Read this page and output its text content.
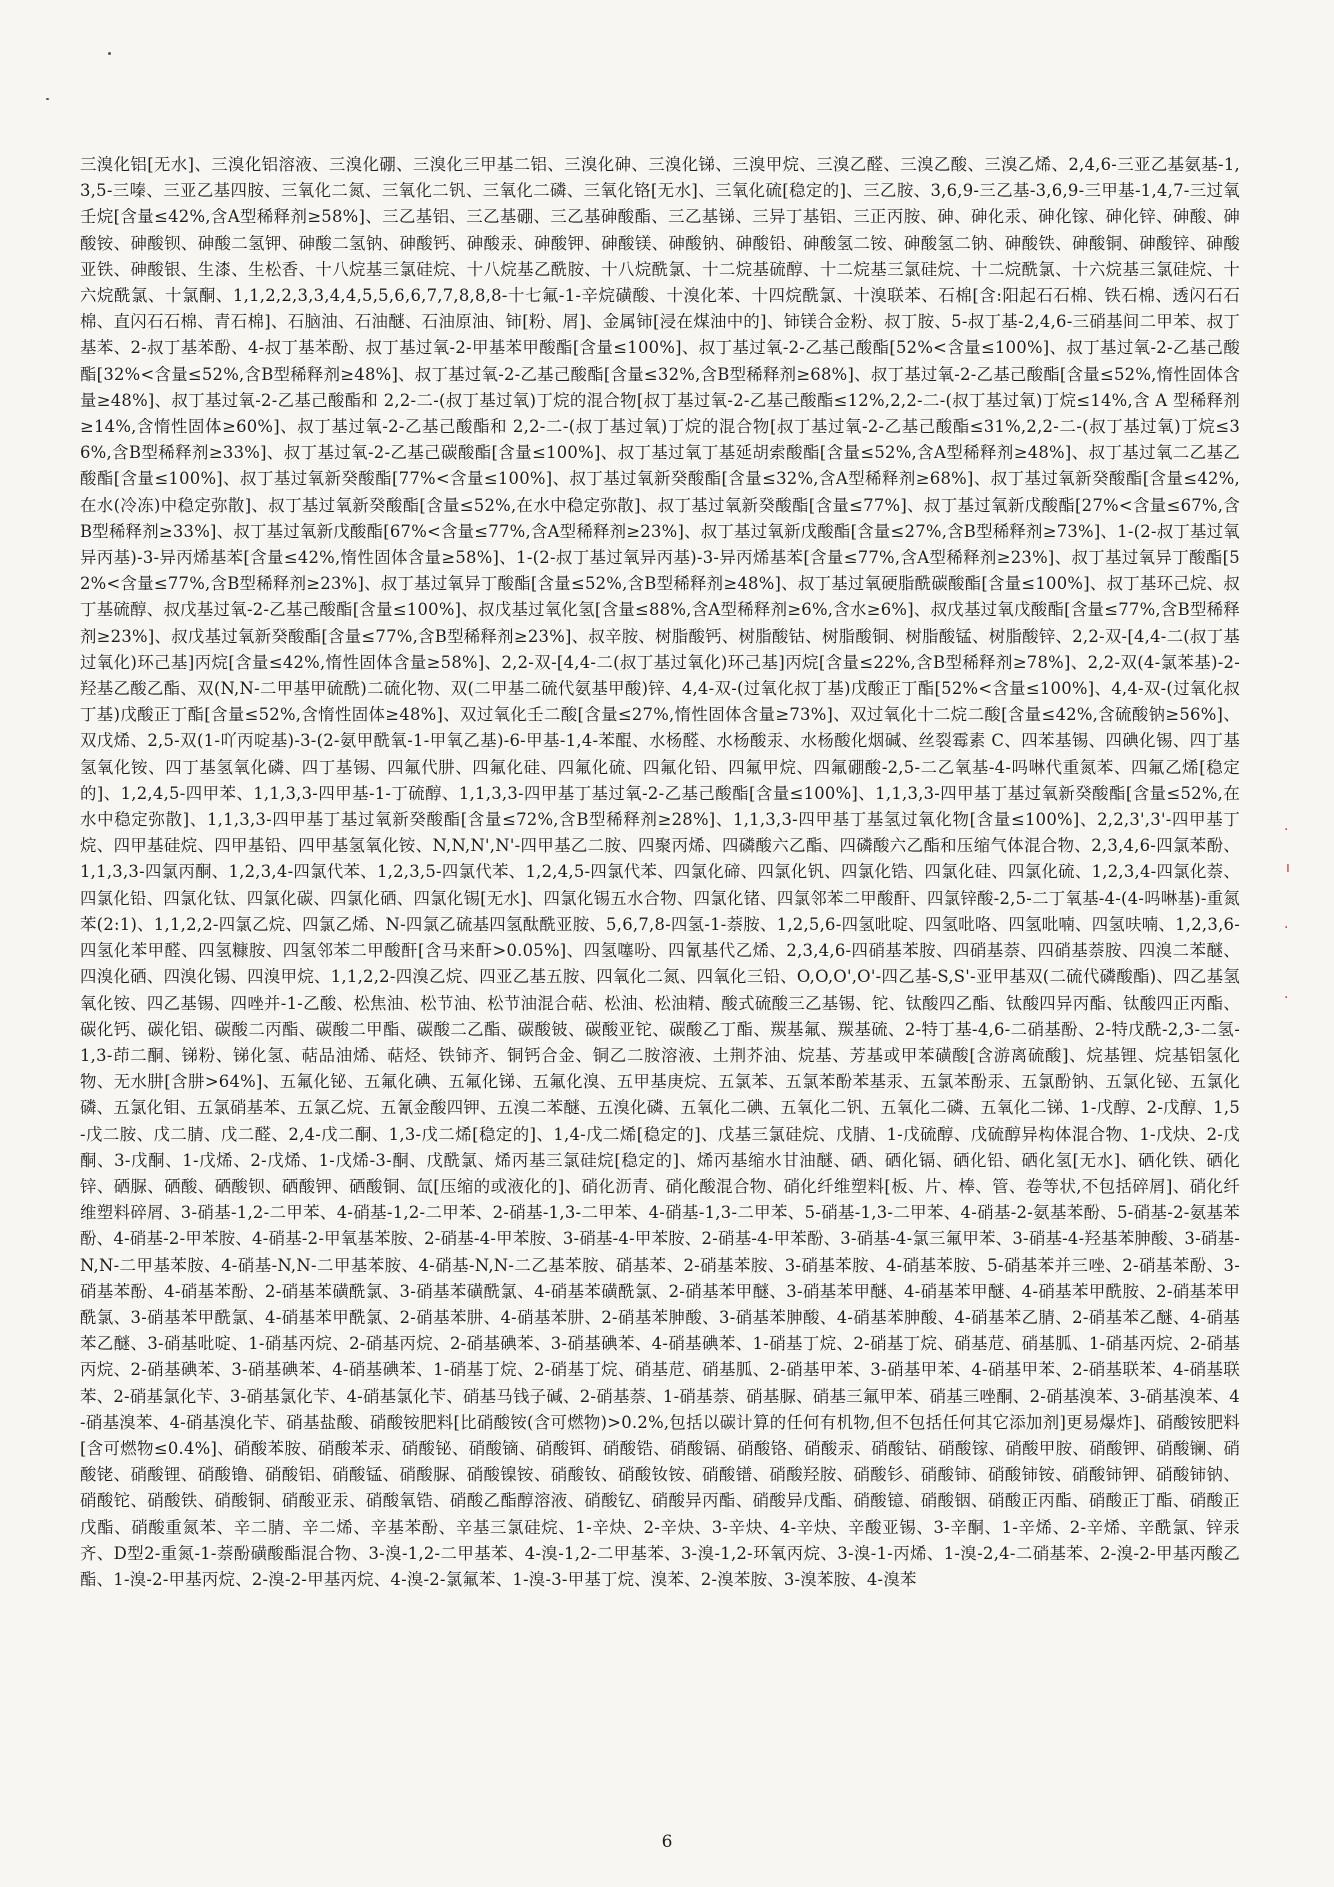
三溴化铝[无水]、三溴化铝溶液、三溴化硼、三溴化三甲基二铝、三溴化砷、三溴化锑、三溴甲烷、三溴乙醛、三溴乙酸、三溴乙烯、2,4,6-三亚乙基氨基-1,3,5-三嗪、三亚乙基四胺、三氧化二氮、三氧化二钒、三氧化二磷、三氧化铬[无水]、三氧化硫[稳定的]、三乙胺、3,6,9-三乙基-3,6,9-三甲基-1,4,7-三过氧壬烷[含量≤42%,含A型稀释剂≥58%]、三乙基铝、三乙基硼、三乙基砷酸酯、三乙基锑、三异丁基铝、三正丙胺、砷、砷化汞、砷化镓、砷化锌、砷酸、砷酸铵、砷酸钡、砷酸二氢钾、砷酸二氢钠、砷酸钙、砷酸汞、砷酸钾、砷酸镁、砷酸钠、砷酸铅、砷酸氢二铵、砷酸氢二钠、砷酸铁、砷酸铜、砷酸锌、砷酸亚铁、砷酸银、生漆、生松香、十八烷基三氯硅烷、十八烷基乙酰胺、十八烷酰氯、十二烷基硫醇、十二烷基三氯硅烷、十二烷酰氯、十六烷基三氯硅烷、十六烷酰氯、十氯酮、1,1,2,2,3,3,4,4,5,5,6,6,7,7,8,8,8-十七氟-1-辛烷磺酸、十溴化苯、十四烷酰氯、十溴联苯、石棉[含:阳起石石棉、铁石棉、透闪石石棉、直闪石石棉、青石棉]、石脑油、石油醚、石油原油、铈[粉、屑]、金属铈[浸在煤油中的]、铈镁合金粉、叔丁胺、5-叔丁基-2,4,6-三硝基间二甲苯、叔丁基苯、2-叔丁基苯酚、4-叔丁基苯酚、叔丁基过氧-2-甲基苯甲酸酯[含量≤100%]、叔丁基过氧-2-乙基己酸酯[52%<含量≤100%]、叔丁基过氧-2-乙基己酸酯[32%<含量≤52%,含B型稀释剂≥48%]、叔丁基过氧-2-乙基己酸酯[含量≤32%,含B型稀释剂≥68%]、叔丁基过氧-2-乙基己酸酯[含量≤52%,惰性固体含量≥48%]、叔丁基过氧-2-乙基己酸酯和 2,2-二-(叔丁基过氧)丁烷的混合物[叔丁基过氧-2-乙基己酸酯≤12%,2,2-二-(叔丁基过氧)丁烷≤14%,含 A 型稀释剂≥14%,含惰性固体≥60%]、叔丁基过氧-2-乙基己酸酯和 2,2-二-(叔丁基过氧)丁烷的混合物[叔丁基过氧-2-乙基己酸酯≤31%,2,2-二-(叔丁基过氧)丁烷≤36%,含B型稀释剂≥33%]、叔丁基过氧-2-乙基己碳酸酯[含量≤100%]、叔丁基过氧丁基延胡索酸酯[含量≤52%,含A型稀释剂≥48%]、叔丁基过氧二乙基乙酸酯[含量≤100%]、叔丁基过氧新癸酸酯[77%<含量≤100%]、叔丁基过氧新癸酸酯[含量≤32%,含A型稀释剂≥68%]、叔丁基过氧新癸酸酯[含量≤42%,在水(冷冻)中稳定弥散]、叔丁基过氧新癸酸酯[含量≤52%,在水中稳定弥散]、叔丁基过氧新癸酸酯[含量≤77%]、叔丁基过氧新戊酸酯[27%<含量≤67%,含B型稀释剂≥33%]、叔丁基过氧新戊酸酯[67%<含量≤77%,含A型稀释剂≥23%]、叔丁基过氧新戊酸酯[含量≤27%,含B型稀释剂≥73%]、1-(2-叔丁基过氧异丙基)-3-异丙烯基苯[含量≤42%,惰性固体含量≥58%]、1-(2-叔丁基过氧异丙基)-3-异丙烯基苯[含量≤77%,含A型稀释剂≥23%]、叔丁基过氧异丁酸酯[52%<含量≤77%,含B型稀释剂≥23%]、叔丁基过氧异丁酸酯[含量≤52%,含B型稀释剂≥48%]、叔丁基过氧硬脂酰碳酸酯[含量≤100%]、叔丁基环己烷、叔丁基硫醇、叔戊基过氧-2-乙基己酸酯[含量≤100%]、叔戊基过氧化氢[含量≤88%,含A型稀释剂≥6%,含水≥6%]、叔戊基过氧戊酸酯[含量≤77%,含B型稀释剂≥23%]、叔戊基过氧新癸酸酯[含量≤77%,含B型稀释剂≥23%]、叔辛胺、树脂酸钙、树脂酸钴、树脂酸铜、树脂酸锰、树脂酸锌、2,2-双-[4,4-二(叔丁基过氧化)环己基]丙烷[含量≤42%,惰性固体含量≥58%]、2,2-双-[4,4-二(叔丁基过氧化)环己基]丙烷[含量≤22%,含B型稀释剂≥78%]、2,2-双(4-氯苯基)-2-羟基乙酸乙酯、双(N,N-二甲基甲硫酰)二硫化物、双(二甲基二硫代氨基甲酸)锌、4,4-双-(过氧化叔丁基)戊酸正丁酯[52%<含量≤100%]、4,4-双-(过氧化叔丁基)戊酸正丁酯[含量≤52%,含惰性固体≥48%]、双过氧化壬二酸[含量≤27%,惰性固体含量≥73%]、双过氧化十二烷二酸[含量≤42%,含硫酸钠≥56%]、双戊烯、2,5-双(1-吖丙啶基)-3-(2-氨甲酰氧-1-甲氧乙基)-6-甲基-1,4-苯醌、水杨醛、水杨酸汞、水杨酸化烟碱、丝裂霉素 C、四苯基锡、四碘化锡、四丁基氢氧化铵、四丁基氢氧化磷、四丁基锡、四氟代肼、四氟化硅、四氟化硫、四氟化铅、四氟甲烷、四氟硼酸-2,5-二乙氧基-4-吗啉代重氮苯、四氟乙烯[稳定的]、1,2,4,5-四甲苯、1,1,3,3-四甲基-1-丁硫醇、1,1,3,3-四甲基丁基过氧-2-乙基己酸酯[含量≤100%]、1,1,3,3-四甲基丁基过氧新癸酸酯[含量≤52%,在水中稳定弥散]、1,1,3,3-四甲基丁基过氧新癸酸酯[含量≤72%,含B型稀释剂≥28%]、1,1,3,3-四甲基丁基氢过氧化物[含量≤100%]、2,2,3',3'-四甲基丁烷、四甲基硅烷、四甲基铅、四甲基氢氧化铵、N,N,N',N'-四甲基乙二胺、四聚丙烯、四磷酸六乙酯、四磷酸六乙酯和压缩气体混合物、2,3,4,6-四氯苯酚、1,1,3,3-四氯丙酮、1,2,3,4-四氯代苯、1,2,3,5-四氯代苯、1,2,4,5-四氯代苯、四氯化碲、四氯化钒、四氯化锆、四氯化硅、四氯化硫、1,2,3,4-四氯化萘、四氯化铅、四氯化钛、四氯化碳、四氯化硒、四氯化锡[无水]、四氯化锡五水合物、四氯化锗、四氯邻苯二甲酸酐、四氯锌酸-2,5-二丁氧基-4-(4-吗啉基)-重氮苯(2:1)、1,1,2,2-四氯乙烷、四氯乙烯、N-四氯乙硫基四氢酞酰亚胺、5,6,7,8-四氢-1-萘胺、1,2,5,6-四氢吡啶、四氢吡咯、四氢吡喃、四氢呋喃、1,2,3,6-四氢化苯甲醛、四氢糠胺、四氢邻苯二甲酸酐[含马来酐>0.05%]、四氢噻吩、四氰基代乙烯、2,3,4,6-四硝基苯胺、四硝基萘、四硝基萘胺、四溴二苯醚、四溴化硒、四溴化锡、四溴甲烷、1,1,2,2-四溴乙烷、四亚乙基五胺、四氧化二氮、四氧化三铅、O,O,O',O'-四乙基-S,S'-亚甲基双(二硫代磷酸酯)、四乙基氢氧化铵、四乙基锡、四唑并-1-乙酸、松焦油、松节油、松节油混合萜、松油、松油精、酸式硫酸三乙基锡、铊、钛酸四乙酯、钛酸四异丙酯、钛酸四正丙酯、碳化钙、碳化铝、碳酸二丙酯、碳酸二甲酯、碳酸二乙酯、碳酸铍、碳酸亚铊、碳酸乙丁酯、羰基氟、羰基硫、2-特丁基-4,6-二硝基酚、2-特戊酰-2,3-二氢-1,3-茚二酮、锑粉、锑化氢、萜品油烯、萜烃、铁铈齐、铜钙合金、铜乙二胺溶液、土荆芥油、烷基、芳基或甲苯磺酸[含游离硫酸]、烷基锂、烷基铝氢化物、无水肼[含肼>64%]、五氟化铋、五氟化碘、五氟化锑、五氟化溴、五甲基庚烷、五氯苯、五氯苯酚苯基汞、五氯苯酚汞、五氯酚钠、五氯化铋、五氯化磷、五氯化钼、五氯硝基苯、五氯乙烷、五氰金酸四钾、五溴二苯醚、五溴化磷、五氧化二碘、五氧化二钒、五氧化二磷、五氧化二锑、1-戊醇、2-戊醇、1,5-戊二胺、戊二腈、戊二醛、2,4-戊二酮、1,3-戊二烯[稳定的]、1,4-戊二烯[稳定的]、戊基三氯硅烷、戊腈、1-戊硫醇、戊硫醇异构体混合物、1-戊炔、2-戊酮、3-戊酮、1-戊烯、2-戊烯、1-戊烯-3-酮、戊酰氯、烯丙基三氯硅烷[稳定的]、烯丙基缩水甘油醚、硒、硒化镉、硒化铅、硒化氢[无水]、硒化铁、硒化锌、硒脲、硒酸、硒酸钡、硒酸钾、硒酸铜、氙[压缩的或液化的]、硝化沥青、硝化酸混合物、硝化纤维塑料[板、片、棒、管、卷等状,不包括碎屑]、硝化纤维塑料碎屑、3-硝基-1,2-二甲苯、4-硝基-1,2-二甲苯、2-硝基-1,3-二甲苯、4-硝基-1,3-二甲苯、5-硝基-1,3-二甲苯、4-硝基-2-氨基苯酚、5-硝基-2-氨基苯酚、4-硝基-2-甲苯胺、4-硝基-2-甲氧基苯胺、2-硝基-4-甲苯胺、3-硝基-4-甲苯胺、2-硝基-4-甲苯酚、3-硝基-4-氯三氟甲苯、3-硝基-4-羟基苯胂酸、3-硝基-N,N-二甲基苯胺、4-硝基-N,N-二甲基苯胺、4-硝基-N,N-二乙基苯胺、硝基苯、2-硝基苯胺、3-硝基苯胺、4-硝基苯胺、5-硝基苯并三唑、2-硝基苯酚、3-硝基苯酚、4-硝基苯酚、2-硝基苯磺酰氯、3-硝基苯磺酰氯、4-硝基苯磺酰氯、2-硝基苯甲醚、3-硝基苯甲醚、4-硝基苯甲醚、4-硝基苯甲酰胺、2-硝基苯甲酰氯、3-硝基苯甲酰氯、4-硝基苯甲酰氯、2-硝基苯肼、4-硝基苯肼、2-硝基苯胂酸、3-硝基苯胂酸、4-硝基苯胂酸、4-硝基苯乙腈、2-硝基苯乙醚、4-硝基苯乙醚、3-硝基吡啶、1-硝基丙烷、2-硝基丙烷、2-硝基碘苯、3-硝基碘苯、4-硝基碘苯、1-硝基丁烷、2-硝基丁烷、硝基苊、硝基胍、1-硝基丙烷、2-硝基丙烷、2-硝基碘苯、3-硝基碘苯、4-硝基碘苯、1-硝基丁烷、2-硝基丁烷、硝基苊、硝基胍、2-硝基甲苯、3-硝基甲苯、4-硝基甲苯、2-硝基联苯、4-硝基联苯、2-硝基氯化苄、3-硝基氯化苄、4-硝基氯化苄、硝基马钱子碱、2-硝基萘、1-硝基萘、硝基脲、硝基三氟甲苯、硝基三唑酮、2-硝基溴苯、3-硝基溴苯、4-硝基溴苯、4-硝基溴化苄、硝基盐酸、硝酸铵肥料[比硝酸铵(含可燃物)>0.2%,包括以碳计算的任何有机物,但不包括任何其它添加剂]更易爆炸]、硝酸铵肥料[含可燃物≤0.4%]、硝酸苯胺、硝酸苯汞、硝酸铋、硝酸镝、硝酸铒、硝酸锆、硝酸镉、硝酸铬、硝酸汞、硝酸钴、硝酸镓、硝酸甲胺、硝酸钾、硝酸镧、硝酸铑、硝酸锂、硝酸镥、硝酸铝、硝酸锰、硝酸脲、硝酸镍铵、硝酸钕、硝酸钕铵、硝酸镨、硝酸羟胺、硝酸钐、硝酸铈、硝酸铈铵、硝酸铈钾、硝酸铈钠、硝酸铊、硝酸铁、硝酸铜、硝酸亚汞、硝酸氧锆、硝酸乙酯醇溶液、硝酸钇、硝酸异丙酯、硝酸异戊酯、硝酸镱、硝酸铟、硝酸正丙酯、硝酸正丁酯、硝酸正戊酯、硝酸重氮苯、辛二腈、辛二烯、辛基苯酚、辛基三氯硅烷、1-辛炔、2-辛炔、3-辛炔、4-辛炔、辛酸亚锡、3-辛酮、1-辛烯、2-辛烯、辛酰氯、锌汞齐、D型2-重氮-1-萘酚磺酸酯混合物、3-溴-1,2-二甲基苯、4-溴-1,2-二甲基苯、3-溴-1,2-环氧丙烷、3-溴-1-丙烯、1-溴-2,4-二硝基苯、2-溴-2-甲基丙酸乙酯、1-溴-2-甲基丙烷、2-溴-2-甲基丙烷、4-溴-2-氯氟苯、1-溴-3-甲基丁烷、溴苯、2-溴苯胺、3-溴苯胺、4-溴苯
·
ı
·
·
6
